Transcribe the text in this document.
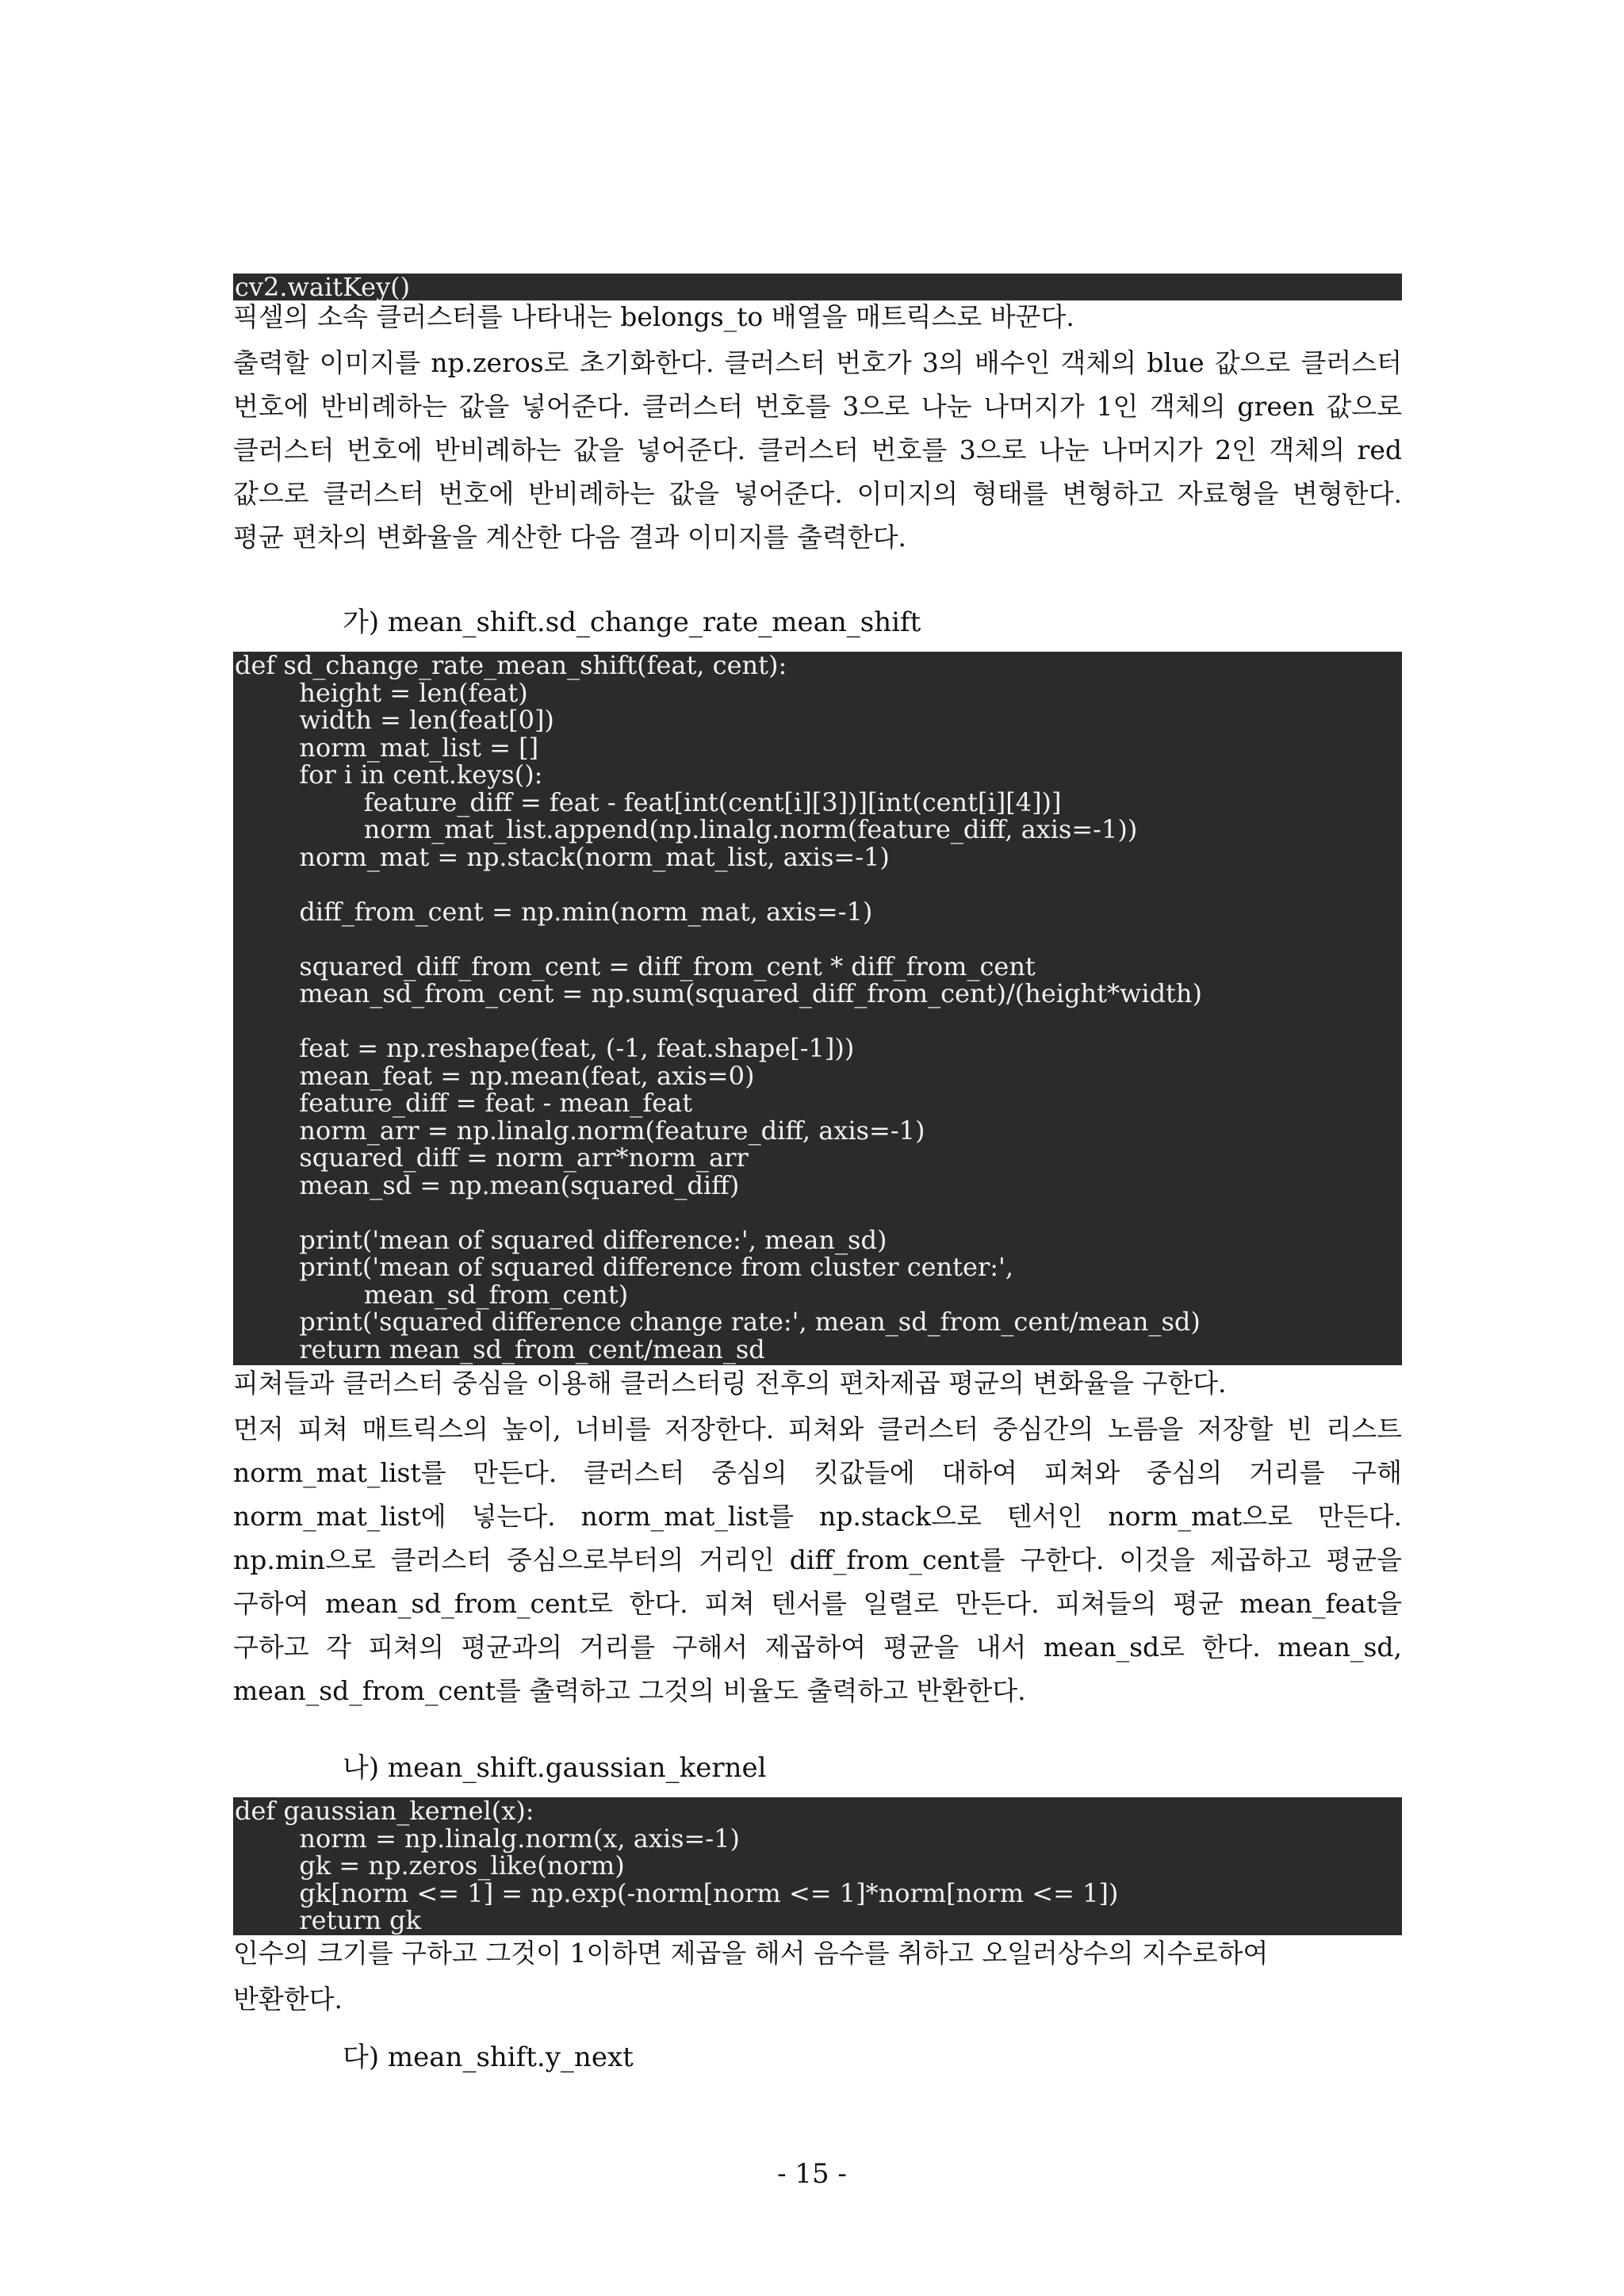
cv2.waitKey()
픽셀의 소속 클러스터를 나타내는 belongs_to 배열을 매트릭스로 바꾼다.
출력할 이미지를 np.zeros로 초기화한다. 클러스터 번호가 3의 배수인 객체의 blue 값으로 클러스터 번호에 반비례하는 값을 넣어준다. 클러스터 번호를 3으로 나눈 나머지가 1인 객체의 green 값으로 클러스터 번호에 반비례하는 값을 넣어준다. 클러스터 번호를 3으로 나눈 나머지가 2인 객체의 red 값으로 클러스터 번호에 반비례하는 값을 넣어준다. 이미지의 형태를 변형하고 자료형을 변형한다. 평균 편차의 변화율을 계산한 다음 결과 이미지를 출력한다.
가) mean_shift.sd_change_rate_mean_shift
def sd_change_rate_mean_shift(feat, cent):
height = len(feat)
width = len(feat[0])
norm_mat_list = []
for i in cent.keys():
feature_diff = feat - feat[int(cent[i][3])][int(cent[i][4])]
norm_mat_list.append(np.linalg.norm(feature_diff, axis=-1))
norm_mat = np.stack(norm_mat_list, axis=-1)
diff_from_cent = np.min(norm_mat, axis=-1)
squared_diff_from_cent = diff_from_cent * diff_from_cent
mean_sd_from_cent = np.sum(squared_diff_from_cent)/(height*width)
feat = np.reshape(feat, (-1, feat.shape[-1]))
mean_feat = np.mean(feat, axis=0)
feature_diff = feat - mean_feat
norm_arr = np.linalg.norm(feature_diff, axis=-1)
squared_diff = norm_arr*norm_arr
mean_sd = np.mean(squared_diff)
print('mean of squared difference:', mean_sd)
print('mean of squared difference from cluster center:',
mean_sd_from_cent)
print('squared difference change rate:', mean_sd_from_cent/mean_sd)
return mean_sd_from_cent/mean_sd
피쳐들과 클러스터 중심을 이용해 클러스터링 전후의 편차제곱 평균의 변화율을 구한다.
먼저 피쳐 매트릭스의 높이, 너비를 저장한다. 피쳐와 클러스터 중심간의 노름을 저장할 빈 리스트 norm_mat_list를 만든다. 클러스터 중심의 킷값들에 대하여 피쳐와 중심의 거리를 구해 norm_mat_list에 넣는다. norm_mat_list를 np.stack으로 텐서인 norm_mat으로 만든다. np.min으로 클러스터 중심으로부터의 거리인 diff_from_cent를 구한다. 이것을 제곱하고 평균을 구하여 mean_sd_from_cent로 한다. 피쳐 텐서를 일렬로 만든다. 피쳐들의 평균 mean_feat을 구하고 각 피쳐의 평균과의 거리를 구해서 제곱하여 평균을 내서 mean_sd로 한다. mean_sd, mean_sd_from_cent를 출력하고 그것의 비율도 출력하고 반환한다.
나) mean_shift.gaussian_kernel
def gaussian_kernel(x):
norm = np.linalg.norm(x, axis=-1)
gk = np.zeros_like(norm)
gk[norm <= 1] = np.exp(-norm[norm <= 1]*norm[norm <= 1])
return gk
인수의 크기를 구하고 그것이 1이하면 제곱을 해서 음수를 취하고 오일러상수의 지수로하여
반환한다.
다) mean_shift.y_next
- 15 -
